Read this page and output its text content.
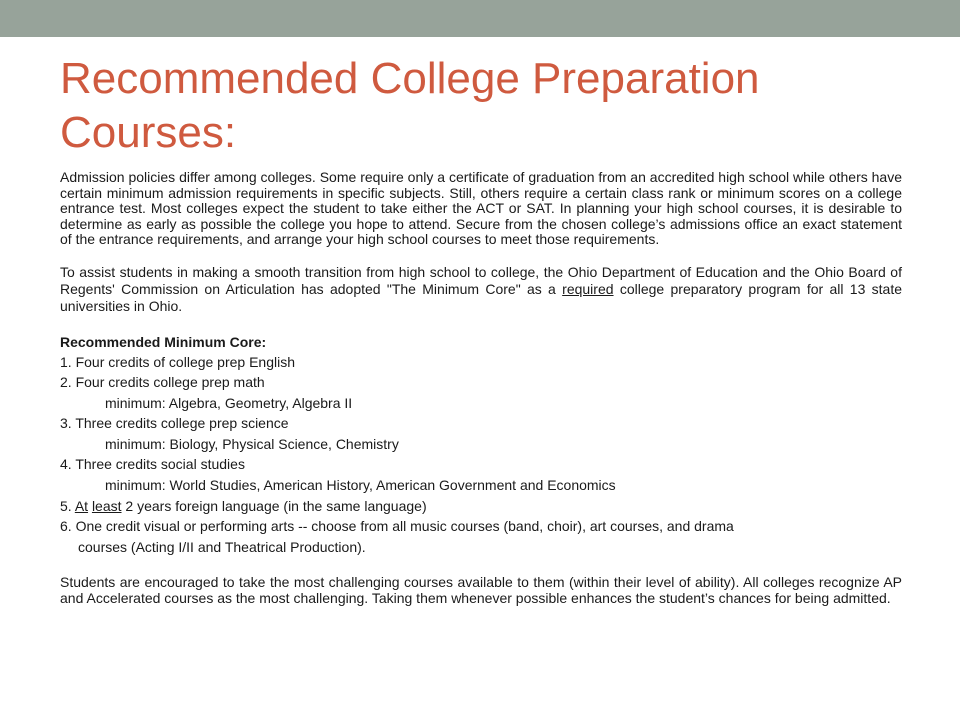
Recommended College Preparation Courses:

Admission policies differ among colleges. Some require only a certificate of graduation from an accredited high school while others have certain minimum admission requirements in specific subjects. Still, others require a certain class rank or minimum scores on a college entrance test. Most colleges expect the student to take either the ACT or SAT. In planning your high school courses, it is desirable to determine as early as possible the college you hope to attend. Secure from the chosen college’s admissions office an exact statement of the entrance requirements, and arrange your high school courses to meet those requirements.

To assist students in making a smooth transition from high school to college, the Ohio Department of Education and the Ohio Board of Regents' Commission on Articulation has adopted "The Minimum Core" as a required college preparatory program for all 13 state universities in Ohio.

Recommended Minimum Core:

1. Four credits of college prep English

2. Four credits college prep math

minimum: Algebra, Geometry, Algebra II

3. Three credits college prep science

minimum: Biology, Physical Science, Chemistry

4. Three credits social studies

minimum: World Studies, American History, American Government and Economics

5. At least 2 years foreign language (in the same language)

6. One credit visual or performing arts -- choose from all music courses (band, choir), art courses, and drama

courses (Acting I/II and Theatrical Production).

Students are encouraged to take the most challenging courses available to them (within their level of ability). All colleges recognize AP and Accelerated courses as the most challenging. Taking them whenever possible enhances the student’s chances for being admitted.
